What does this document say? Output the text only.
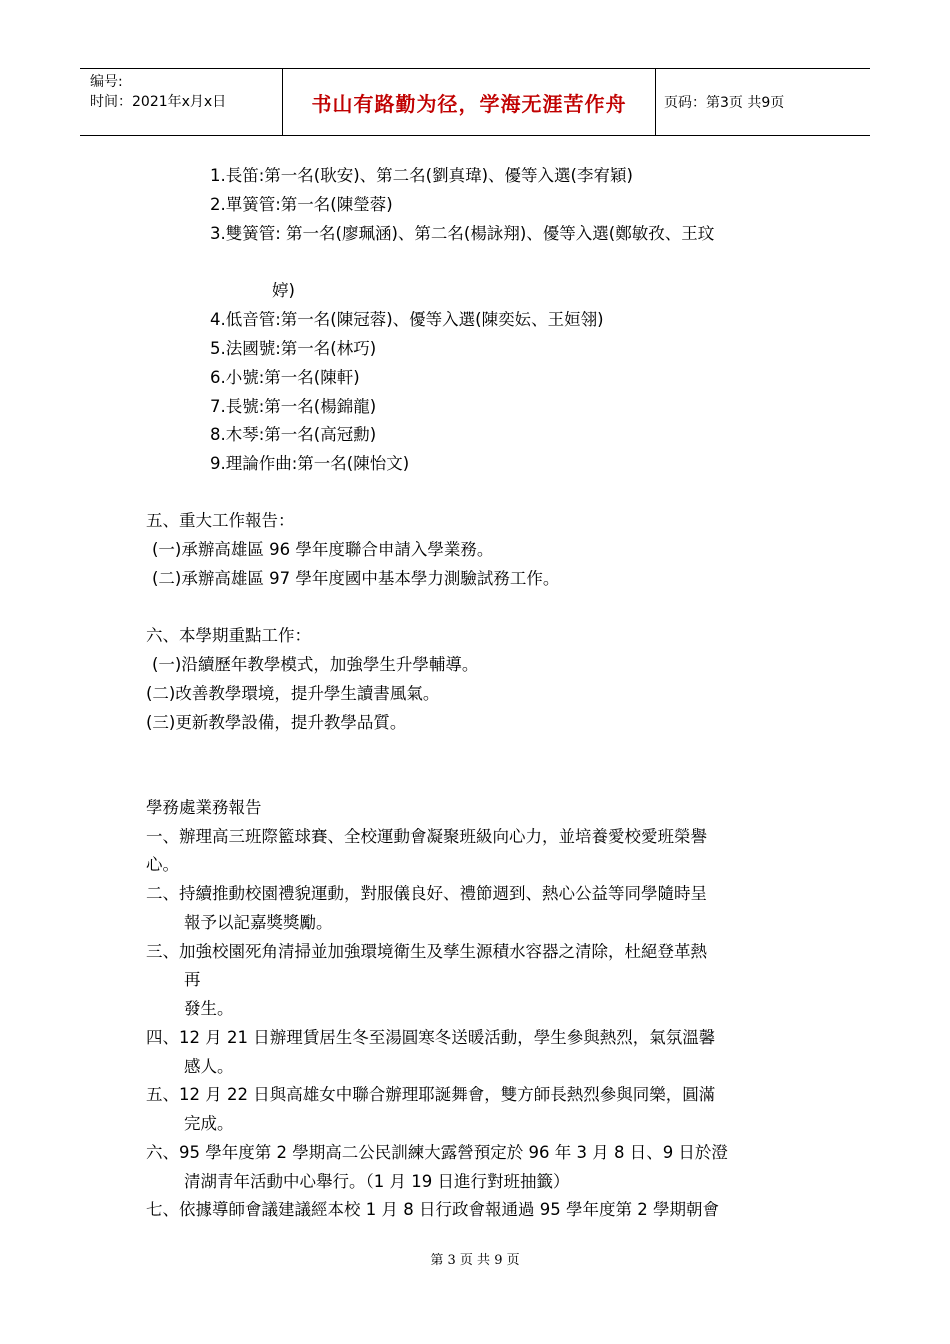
编号:
时间：2021年x月x日	书山有路勤为径，学海无涯苦作舟	页码：第3页 共9页
1.長笛:第一名(耿安)、第二名(劉真瑋)、優等入選(李宥穎)
2.單簧管:第一名(陳瑩蓉)
3.雙簧管: 第一名(廖珮涵)、第二名(楊詠翔)、優等入選(鄭敏孜、王玟
婷)
4.低音管:第一名(陳冠蓉)、優等入選(陳奕妘、王姮翎)
5.法國號:第一名(林巧)
6.小號:第一名(陳軒)
7.長號:第一名(楊錦龍)
8.木琴:第一名(高冠勳)
9.理論作曲:第一名(陳怡文)
五、重大工作報告：
(一)承辦高雄區 96 學年度聯合申請入學業務。
(二)承辦高雄區 97 學年度國中基本學力測驗試務工作。
六、本學期重點工作：
(一)沿續歷年教學模式，加強學生升學輔導。
(二)改善教學環境，提升學生讀書風氣。
(三)更新教學設備，提升教學品質。
學務處業務報告
一、辦理高三班際籃球賽、全校運動會凝聚班級向心力，並培養愛校愛班榮譽
心。
二、持續推動校園禮貌運動，對服儀良好、禮節週到、熱心公益等同學隨時呈
報予以記嘉獎獎勵。
三、加強校園死角清掃並加強環境衛生及孳生源積水容器之清除，杜絕登革熱
再
發生。
四、12 月 21 日辦理賃居生冬至湯圓寒冬送暖活動，學生參與熱烈，氣氛溫馨
感人。
五、12 月 22 日與高雄女中聯合辦理耶誕舞會，雙方師長熱烈參與同樂，圓滿
完成。
六、95 學年度第 2 學期高二公民訓練大露營預定於 96 年 3 月 8 日、9 日於澄
清湖青年活動中心舉行。（1 月 19 日進行對班抽籤）
七、依據導師會議建議經本校 1 月 8 日行政會報通過 95 學年度第 2 學期朝會
第 3 页 共 9 页
